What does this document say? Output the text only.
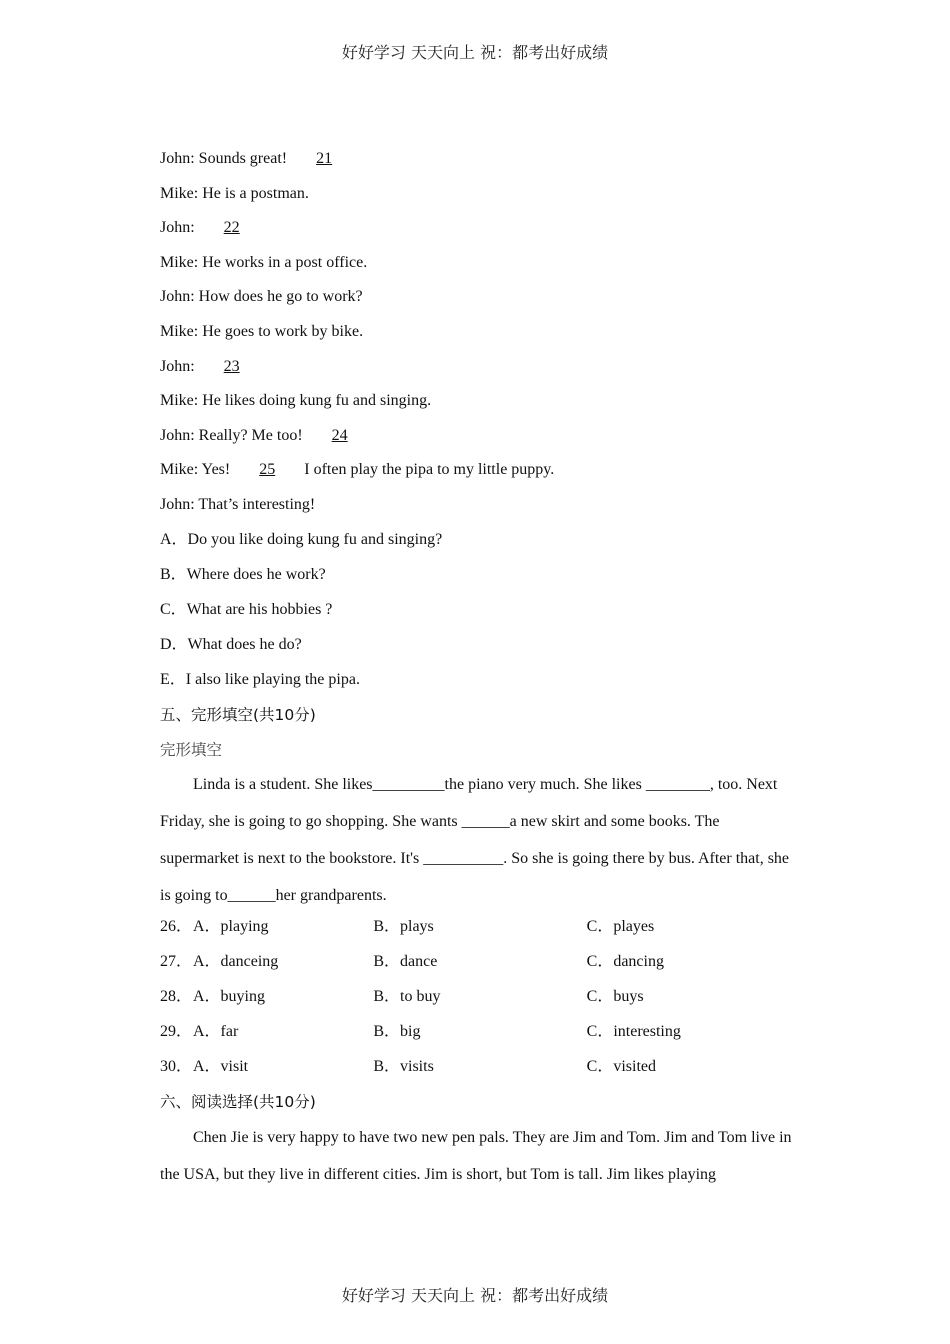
好好学习 天天向上 祝：都考出好成绩
John: Sounds great! 21
Mike: He is a postman.
John: 22
Mike: He works in a post office.
John: How does he go to work?
Mike: He goes to work by bike.
John: 23
Mike: He likes doing kung fu and singing.
John: Really? Me too! 24
Mike: Yes! 25 I often play the pipa to my little puppy.
John: That’s interesting!
A．Do you like doing kung fu and singing?
B．Where does he work?
C．What are his hobbies ?
D．What does he do?
E．I also like playing the pipa.
五、完形填空(共10分)
完形填空
Linda is a student. She likes_________the piano very much. She likes ________, too. Next Friday, she is going to go shopping. She wants ______a new skirt and some books. The supermarket is next to the bookstore. It's __________. So she is going there by bus. After that, she is going to______her grandparents.
26．A．playing	B．plays	C．playes
27．A．danceing	B．dance	C．dancing
28．A．buying	B．to buy	C．buys
29．A．far	B．big	C．interesting
30．A．visit	B．visits	C．visited
六、阅读选择(共10分)
Chen Jie is very happy to have two new pen pals. They are Jim and Tom. Jim and Tom live in the USA, but they live in different cities. Jim is short, but Tom is tall. Jim likes playing
好好学习 天天向上 祝：都考出好成绩
